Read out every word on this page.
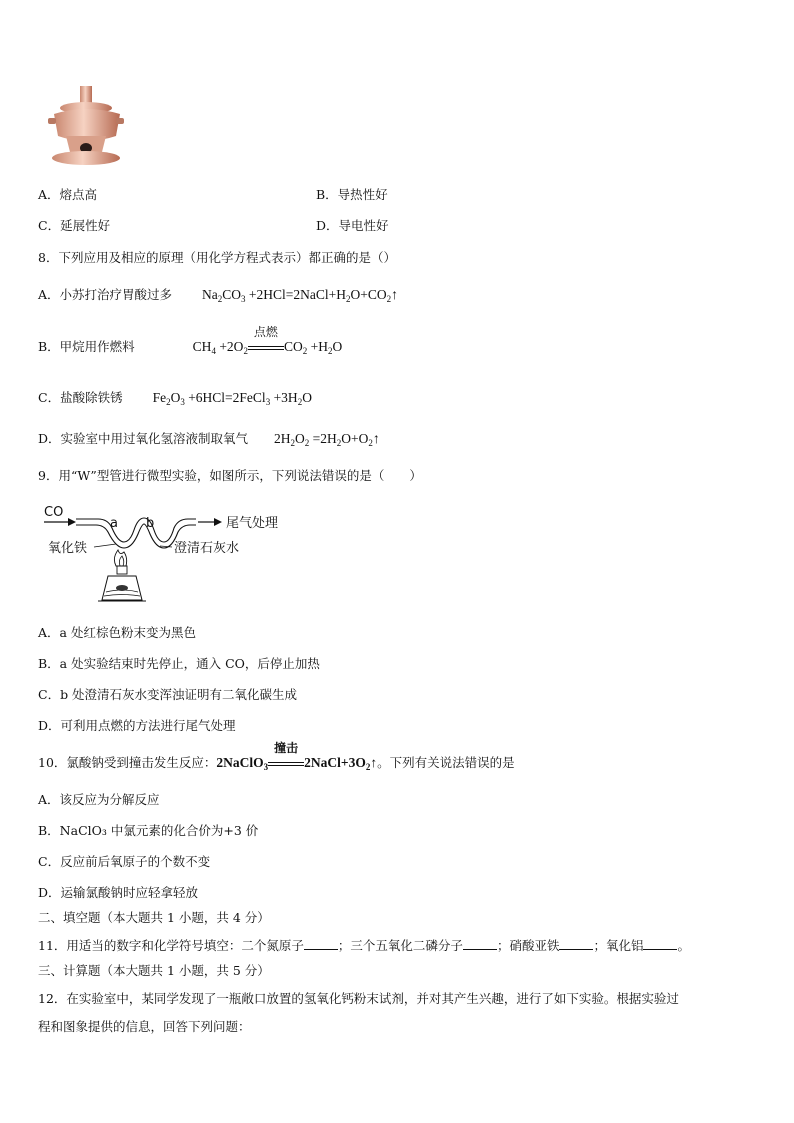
A．熔点高	B．导热性好
C．延展性好	D．导电性好
8．下列应用及相应的原理（用化学方程式表示）都正确的是（）
A．小苏打治疗胃酸过多 $Na_2CO_3$ $+2HCl=2NaCl+H_2O+CO_2↑$
B．甲烷用作燃料	$CH_4 +2O_2$
点燃
$CO_2 +H_2O$
C．盐酸除铁锈 $Fe_2O_3$ +6HCl=2FeCl$_3$ $+3H_2O$
D．实验室中用过氧化氢溶液制取氧气 $2H_2O_2$ $=2H_2O+O_2↑$
9．用“W”型管进行微型实验，如图所示，下列说法错误的是（　　）
CO
a b	尾气处理
氧化铁	澄清石灰水
A．a 处红棕色粉末变为黑色
B．a 处实验结束时先停止，通入 CO，后停止加热
C．b 处澄清石灰水变浑浊证明有二氧化碳生成
D．可利用点燃的方法进行尾气处理
10．氯酸钠受到撞击发生反应：2NaClO$_3$
撞击
$2NaCl+3O_2↑$。下列有关说法错误的是
A．该反应为分解反应
B．NaClO₃ 中氯元素的化合价为+3 价
C．反应前后氧原子的个数不变
D．运输氯酸钠时应轻拿轻放
二、填空题（本大题共 1 小题，共 4 分）
11．用适当的数字和化学符号填空：二个氮原子	；三个五氧化二磷分子	；硝酸亚铁	；氧化铝	。
三、计算题（本大题共 1 小题，共 5 分）
12．在实验室中，某同学发现了一瓶敞口放置的氢氧化钙粉末试剂，并对其产生兴趣，进行了如下实验。根据实验过
程和图象提供的信息，回答下列问题：
